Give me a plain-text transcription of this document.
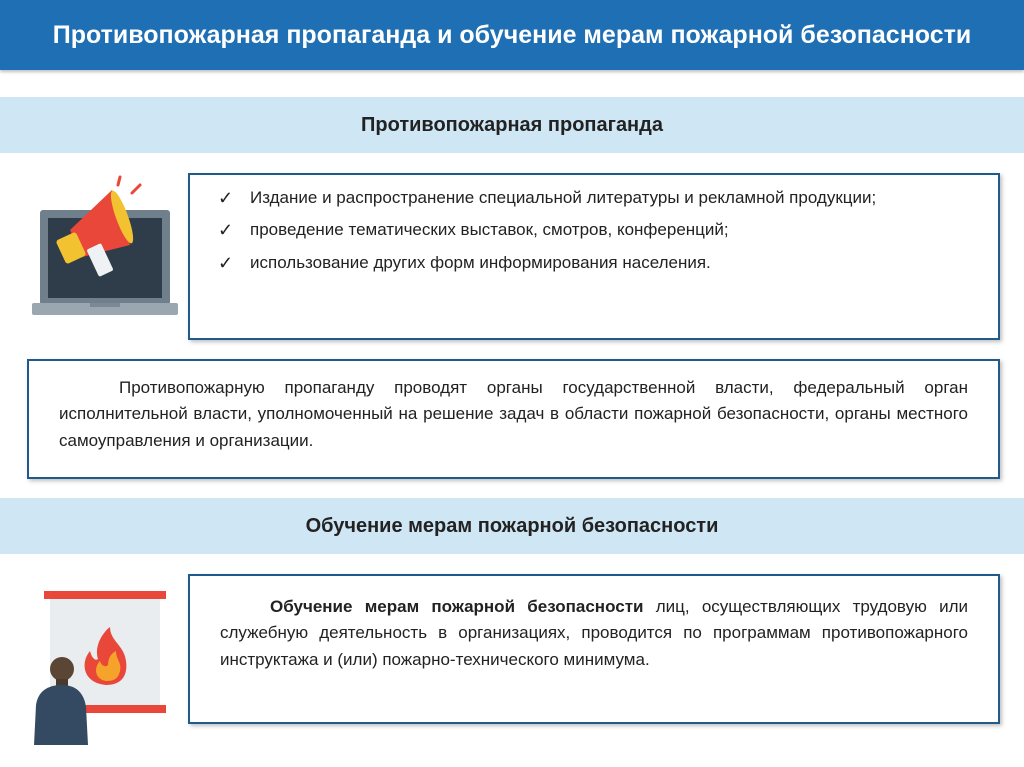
Противопожарная пропаганда и обучение мерам пожарной безопасности
Противопожарная пропаганда
✓ Издание и распространение специальной литературы и рекламной продукции;
✓ проведение тематических выставок, смотров, конференций;
✓ использование других форм информирования населения.
Противопожарную пропаганду проводят органы государственной власти, федеральный орган исполнительной власти, уполномоченный на решение задач в области пожарной безопасности, органы местного самоуправления и организации.
Обучение мерам пожарной безопасности
Обучение мерам пожарной безопасности лиц, осуществляющих трудовую или служебную деятельность в организациях, проводится по программам противопожарного инструктажа и (или) пожарно-технического минимума.
